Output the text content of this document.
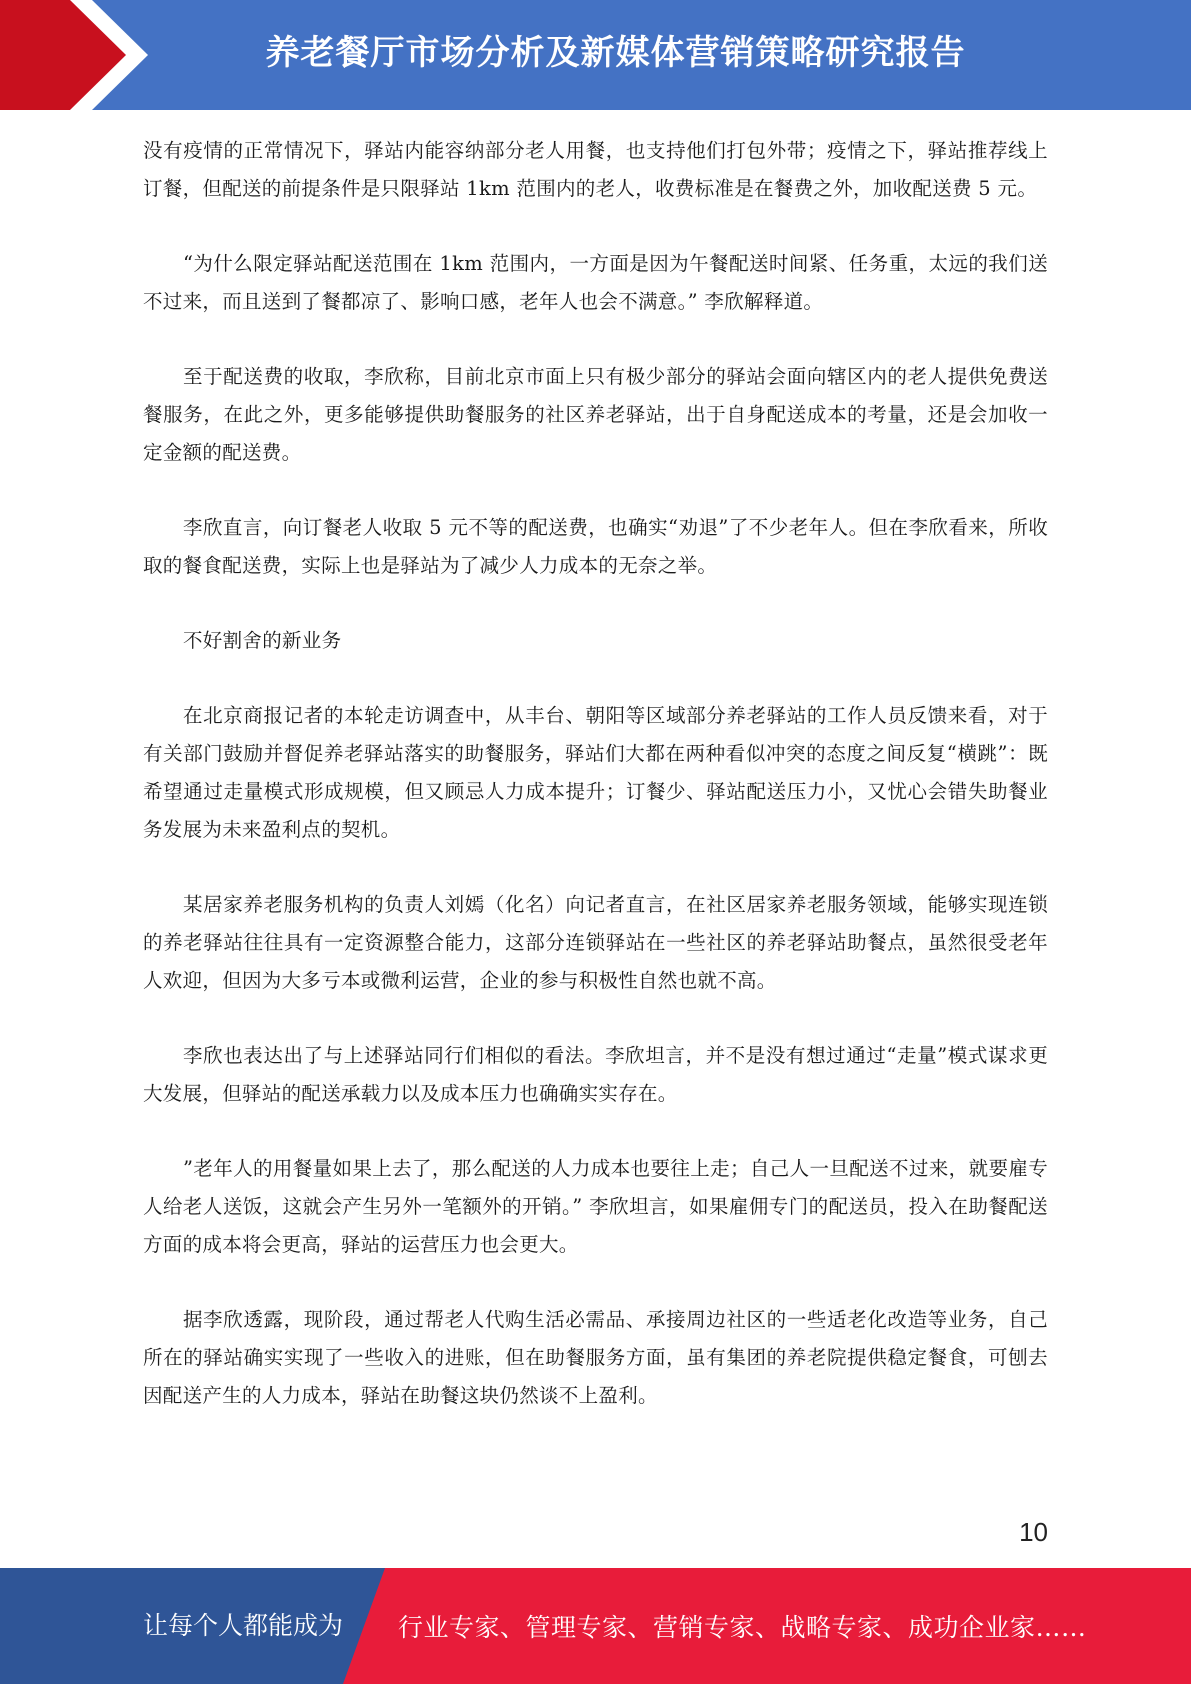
养老餐厅市场分析及新媒体营销策略研究报告

没有疫情的正常情况下，驿站内能容纳部分老人用餐，也支持他们打包外带；疫情之下，驿站推荐线上订餐，但配送的前提条件是只限驿站 1km 范围内的老人，收费标准是在餐费之外，加收配送费 5 元。

“为什么限定驿站配送范围在 1km 范围内，一方面是因为午餐配送时间紧、任务重，太远的我们送不过来，而且送到了餐都凉了、影响口感，老年人也会不满意。” 李欣解释道。

至于配送费的收取，李欣称，目前北京市面上只有极少部分的驿站会面向辖区内的老人提供免费送餐服务，在此之外，更多能够提供助餐服务的社区养老驿站，出于自身配送成本的考量，还是会加收一定金额的配送费。

李欣直言，向订餐老人收取 5 元不等的配送费，也确实“劝退”了不少老年人。但在李欣看来，所收取的餐食配送费，实际上也是驿站为了减少人力成本的无奈之举。

不好割舍的新业务

在北京商报记者的本轮走访调查中，从丰台、朝阳等区域部分养老驿站的工作人员反馈来看，对于有关部门鼓励并督促养老驿站落实的助餐服务，驿站们大都在两种看似冲突的态度之间反复“横跳”：既希望通过走量模式形成规模，但又顾忌人力成本提升；订餐少、驿站配送压力小，又忧心会错失助餐业务发展为未来盈利点的契机。

某居家养老服务机构的负责人刘嫣（化名）向记者直言，在社区居家养老服务领域，能够实现连锁的养老驿站往往具有一定资源整合能力，这部分连锁驿站在一些社区的养老驿站助餐点，虽然很受老年人欢迎，但因为大多亏本或微利运营，企业的参与积极性自然也就不高。

李欣也表达出了与上述驿站同行们相似的看法。李欣坦言，并不是没有想过通过“走量”模式谋求更大发展，但驿站的配送承载力以及成本压力也确确实实存在。

”老年人的用餐量如果上去了，那么配送的人力成本也要往上走；自己人一旦配送不过来，就要雇专人给老人送饭，这就会产生另外一笔额外的开销。” 李欣坦言，如果雇佣专门的配送员，投入在助餐配送方面的成本将会更高，驿站的运营压力也会更大。

据李欣透露，现阶段，通过帮老人代购生活必需品、承接周边社区的一些适老化改造等业务，自己所在的驿站确实实现了一些收入的进账，但在助餐服务方面，虽有集团的养老院提供稳定餐食，可刨去因配送产生的人力成本，驿站在助餐这块仍然谈不上盈利。

10
让每个人都能成为 行业专家、管理专家、营销专家、战略专家、成功企业家……
